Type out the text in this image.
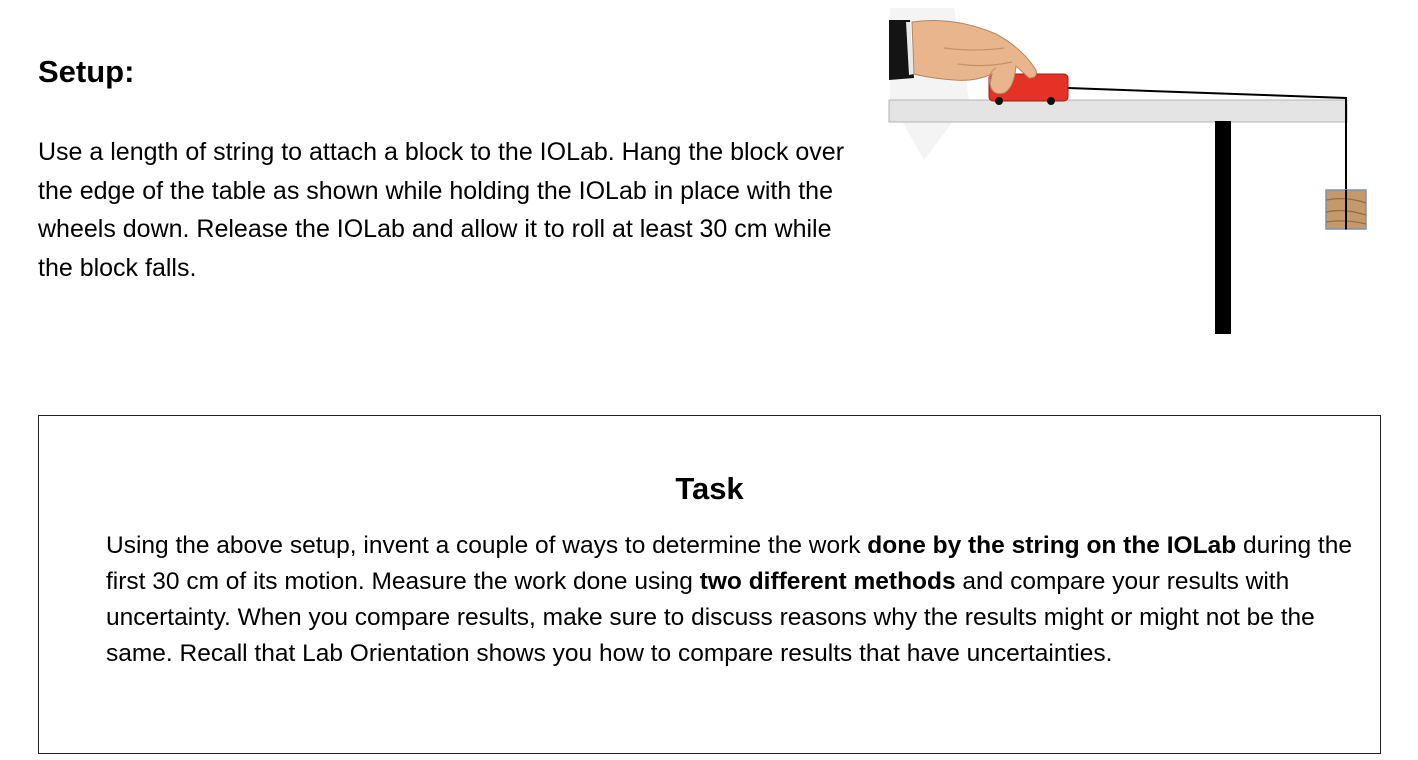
Setup:

Use a length of string to attach a block to the IOLab. Hang the block over the edge of the table as shown while holding the IOLab in place with the wheels down. Release the IOLab and allow it to roll at least 30 cm while the block falls.

Task

Using the above setup, invent a couple of ways to determine the work done by the string on the IOLab during the first 30 cm of its motion. Measure the work done using two different methods and compare your results with uncertainty. When you compare results, make sure to discuss reasons why the results might or might not be the same. Recall that Lab Orientation shows you how to compare results that have uncertainties.
